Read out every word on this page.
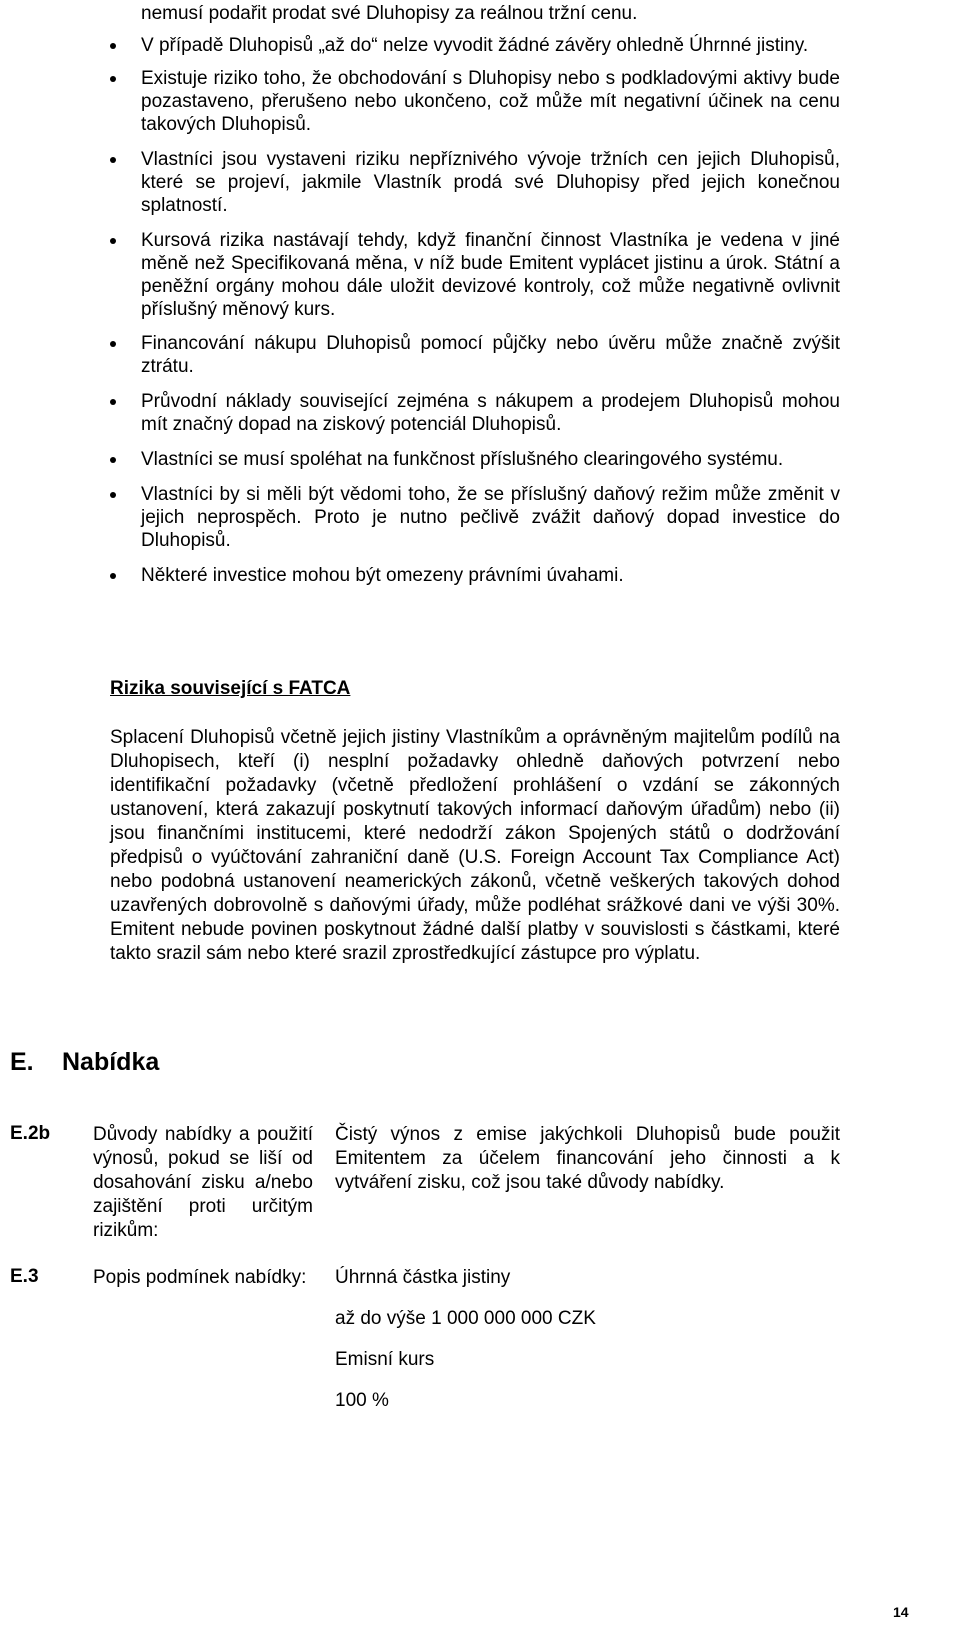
nemusí podařit prodat své Dluhopisy za reálnou tržní cenu.
V případě Dluhopisů „až do“ nelze vyvodit žádné závěry ohledně Úhrnné jistiny.
Existuje riziko toho, že obchodování s Dluhopisy nebo s podkladovými aktivy bude pozastaveno, přerušeno nebo ukončeno, což může mít negativní účinek na cenu takových Dluhopisů.
Vlastníci jsou vystaveni riziku nepříznivého vývoje tržních cen jejich Dluhopisů, které se projeví, jakmile Vlastník prodá své Dluhopisy před jejich konečnou splatností.
Kursová rizika nastávají tehdy, když finanční činnost Vlastníka je vedena v jiné měně než Specifikovaná měna, v níž bude Emitent vyplácet jistinu a úrok. Státní a peněžní orgány mohou dále uložit devizové kontroly, což může negativně ovlivnit příslušný měnový kurs.
Financování nákupu Dluhopisů pomocí půjčky nebo úvěru může značně zvýšit ztrátu.
Průvodní náklady související zejména s nákupem a prodejem Dluhopisů mohou mít značný dopad na ziskový potenciál Dluhopisů.
Vlastníci se musí spoléhat na funkčnost příslušného clearingového systému.
Vlastníci by si měli být vědomi toho, že se příslušný daňový režim může změnit v jejich neprospěch. Proto je nutno pečlivě zvážit daňový dopad investice do Dluhopisů.
Některé investice mohou být omezeny právními úvahami.
Rizika související s FATCA
Splacení Dluhopisů včetně jejich jistiny Vlastníkům a oprávněným majitelům podílů na Dluhopisech, kteří (i) nesplní požadavky ohledně daňových potvrzení nebo identifikační požadavky (včetně předložení prohlášení o vzdání se zákonných ustanovení, která zakazují poskytnutí takových informací daňovým úřadům) nebo (ii) jsou finančními institucemi, které nedodrží zákon Spojených států o dodržování předpisů o vyúčtování zahraniční daně (U.S. Foreign Account Tax Compliance Act) nebo podobná ustanovení neamerických zákonů, včetně veškerých takových dohod uzavřených dobrovolně s daňovými úřady, může podléhat srážkové dani ve výši 30%. Emitent nebude povinen poskytnout žádné další platby v souvislosti s částkami, které takto srazil sám nebo které srazil zprostředkující zástupce pro výplatu.
E. Nabídka
E.2b Důvody nabídky a použití výnosů, pokud se liší od dosahování zisku a/nebo zajištění proti určitým rizikům:

Čistý výnos z emise jakýchkoli Dluhopisů bude použit Emitentem za účelem financování jeho činnosti a k vytváření zisku, což jsou také důvody nabídky.

E.3	Popis podmínek nabídky:	Úhrnná částka jistiny

až do výše 1 000 000 000 CZK

Emisní kurs

100 %

14
